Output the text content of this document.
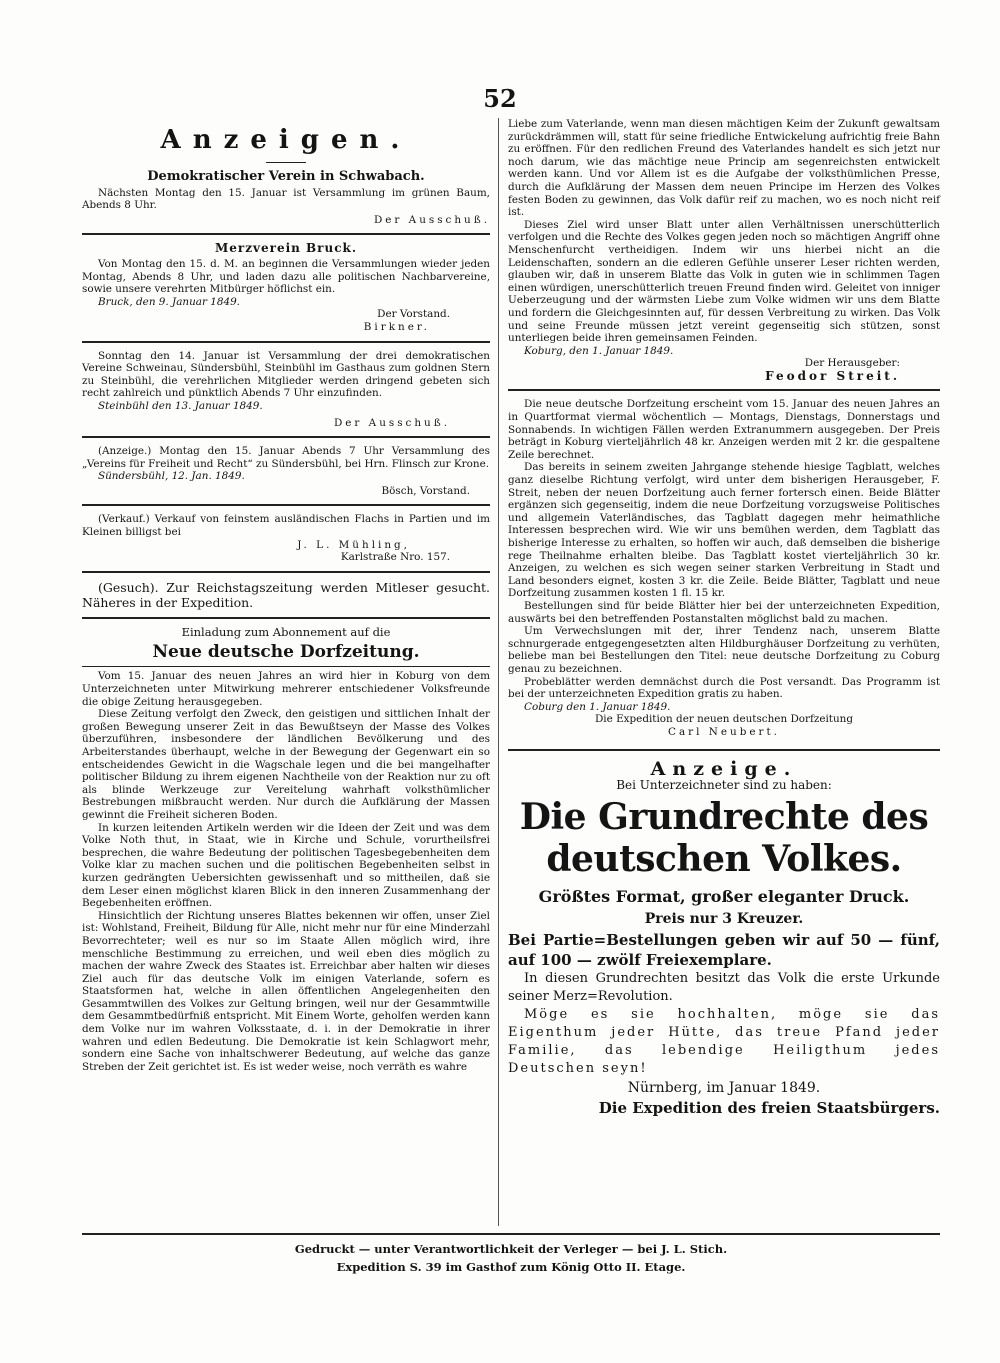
52
Anzeigen.
Demokratischer Verein in Schwabach.

Nächsten Montag den 15. Januar ist Versammlung im grünen Baum, Abends 8 Uhr.

Der Ausschuß.

Merzverein Bruck.

Von Montag den 15. d. M. an beginnen die Versammlungen wieder jeden Montag, Abends 8 Uhr, und laden dazu alle politischen Nachbarvereine, sowie unsere verehrten Mitbürger höflichst ein.

Bruck, den 9. Januar 1849.

Der Vorstand.

Birkner.

Sonntag den 14. Januar ist Versammlung der drei demokratischen Vereine Schweinau, Sündersbühl, Steinbühl im Gasthaus zum goldnen Stern zu Steinbühl, die verehrlichen Mitglieder werden dringend gebeten sich recht zahlreich und pünktlich Abends 7 Uhr einzufinden.

Steinbühl den 13. Januar 1849.

Der Ausschuß.

(Anzeige.) Montag den 15. Januar Abends 7 Uhr Versammlung des „Vereins für Freiheit und Recht“ zu Sündersbühl, bei Hrn. Flinsch zur Krone.

Sündersbühl, 12. Jan. 1849.

Bösch, Vorstand.

(Verkauf.) Verkauf von feinstem ausländischen Flachs in Partien und im Kleinen billigst bei

J. L. Mühling,

Karlstraße Nro. 157.

(Gesuch). Zur Reichstagszeitung werden Mitleser gesucht. Näheres in der Expedition.

Einladung zum Abonnement auf die
Neue deutsche Dorfzeitung.

Vom 15. Januar des neuen Jahres an wird hier in Koburg von dem Unterzeichneten unter Mitwirkung mehrerer entschiedener Volksfreunde die obige Zeitung herausgegeben.

Diese Zeitung verfolgt den Zweck, den geistigen und sittlichen Inhalt der großen Bewegung unserer Zeit in das Bewußtseyn der Masse des Volkes überzuführen, insbesondere der ländlichen Bevölkerung und des Arbeiterstandes überhaupt, welche in der Bewegung der Gegenwart ein so entscheidendes Gewicht in die Wagschale legen und die bei mangelhafter politischer Bildung zu ihrem eigenen Nachtheile von der Reaktion nur zu oft als blinde Werkzeuge zur Vereitelung wahrhaft volksthümlicher Bestrebungen mißbraucht werden. Nur durch die Aufklärung der Massen gewinnt die Freiheit sicheren Boden.

In kurzen leitenden Artikeln werden wir die Ideen der Zeit und was dem Volke Noth thut, in Staat, wie in Kirche und Schule, vorurtheilsfrei besprechen, die wahre Bedeutung der politischen Tagesbegebenheiten dem Volke klar zu machen suchen und die politischen Begebenheiten selbst in kurzen gedrängten Uebersichten gewissenhaft und so mittheilen, daß sie dem Leser einen möglichst klaren Blick in den inneren Zusammenhang der Begebenheiten eröffnen.

Hinsichtlich der Richtung unseres Blattes bekennen wir offen, unser Ziel ist: Wohlstand, Freiheit, Bildung für Alle, nicht mehr nur für eine Minderzahl Bevorrechteter; weil es nur so im Staate Allen möglich wird, ihre menschliche Bestimmung zu erreichen, und weil eben dies möglich zu machen der wahre Zweck des Staates ist. Erreichbar aber halten wir dieses Ziel auch für das deutsche Volk im einigen Vaterlande, sofern es Staatsformen hat, welche in allen öffentlichen Angelegenheiten den Gesammtwillen des Volkes zur Geltung bringen, weil nur der Gesammtwille dem Gesammtbedürfniß entspricht. Mit Einem Worte, geholfen werden kann dem Volke nur im wahren Volksstaate, d. i. in der Demokratie in ihrer wahren und edlen Bedeutung. Die Demokratie ist kein Schlagwort mehr, sondern eine Sache von inhaltschwerer Bedeutung, auf welche das ganze Streben der Zeit gerichtet ist. Es ist weder weise, noch verräth es wahre

Liebe zum Vaterlande, wenn man diesen mächtigen Keim der Zukunft gewaltsam zurückdrämmen will, statt für seine friedliche Entwickelung aufrichtig freie Bahn zu eröffnen. Für den redlichen Freund des Vaterlandes handelt es sich jetzt nur noch darum, wie das mächtige neue Princip am segenreichsten entwickelt werden kann. Und vor Allem ist es die Aufgabe der volksthümlichen Presse, durch die Aufklärung der Massen dem neuen Principe im Herzen des Volkes festen Boden zu gewinnen, das Volk dafür reif zu machen, wo es noch nicht reif ist.

Dieses Ziel wird unser Blatt unter allen Verhältnissen unerschütterlich verfolgen und die Rechte des Volkes gegen jeden noch so mächtigen Angriff ohne Menschenfurcht vertheidigen. Indem wir uns hierbei nicht an die Leidenschaften, sondern an die edleren Gefühle unserer Leser richten werden, glauben wir, daß in unserem Blatte das Volk in guten wie in schlimmen Tagen einen würdigen, unerschütterlich treuen Freund finden wird. Geleitet von inniger Ueberzeugung und der wärmsten Liebe zum Volke widmen wir uns dem Blatte und fordern die Gleichgesinnten auf, für dessen Verbreitung zu wirken. Das Volk und seine Freunde müssen jetzt vereint gegenseitig sich stützen, sonst unterliegen beide ihren gemeinsamen Feinden.

Koburg, den 1. Januar 1849.

Der Herausgeber:

Feodor Streit.

Die neue deutsche Dorfzeitung erscheint vom 15. Januar des neuen Jahres an in Quartformat viermal wöchentlich — Montags, Dienstags, Donnerstags und Sonnabends. In wichtigen Fällen werden Extranummern ausgegeben. Der Preis beträgt in Koburg vierteljährlich 48 kr. Anzeigen werden mit 2 kr. die gespaltene Zeile berechnet.

Das bereits in seinem zweiten Jahrgange stehende hiesige Tagblatt, welches ganz dieselbe Richtung verfolgt, wird unter dem bisherigen Herausgeber, F. Streit, neben der neuen Dorfzeitung auch ferner fortersch einen. Beide Blätter ergänzen sich gegenseitig, indem die neue Dorfzeitung vorzugsweise Politisches und allgemein Vaterländisches, das Tagblatt dagegen mehr heimathliche Interessen besprechen wird. Wie wir uns bemühen werden, dem Tagblatt das bisherige Interesse zu erhalten, so hoffen wir auch, daß demselben die bisherige rege Theilnahme erhalten bleibe. Das Tagblatt kostet vierteljährlich 30 kr. Anzeigen, zu welchen es sich wegen seiner starken Verbreitung in Stadt und Land besonders eignet, kosten 3 kr. die Zeile. Beide Blätter, Tagblatt und neue Dorfzeitung zusammen kosten 1 fl. 15 kr.

Bestellungen sind für beide Blätter hier bei der unterzeichneten Expedition, auswärts bei den betreffenden Postanstalten möglichst bald zu machen.

Um Verwechslungen mit der, ihrer Tendenz nach, unserem Blatte schnurgerade entgegengesetzten alten Hildburghäuser Dorfzeitung zu verhüten, beliebe man bei Bestellungen den Titel: neue deutsche Dorfzeitung zu Coburg genau zu bezeichnen.

Probeblätter werden demnächst durch die Post versandt. Das Programm ist bei der unterzeichneten Expedition gratis zu haben.

Coburg den 1. Januar 1849.

Die Expedition der neuen deutschen Dorfzeitung

Carl Neubert.

Anzeige.

Bei Unterzeichneter sind zu haben:

Die Grundrechte des deutschen Volkes.
Größtes Format, großer eleganter Druck.
Preis nur 3 Kreuzer.

Bei Partie=Bestellungen geben wir auf 50 — fünf, auf 100 — zwölf Freiexemplare.

In diesen Grundrechten besitzt das Volk die erste Urkunde seiner Merz=Revolution.

Möge es sie hochhalten, möge sie das Eigenthum jeder Hütte, das treue Pfand jeder Familie, das lebendige Heiligthum jedes Deutschen seyn!

Nürnberg, im Januar 1849.

Die Expedition des freien Staatsbürgers.

Gedruckt — unter Verantwortlichkeit der Verleger — bei J. L. Stich.
Expedition S. 39 im Gasthof zum König Otto II. Etage.
